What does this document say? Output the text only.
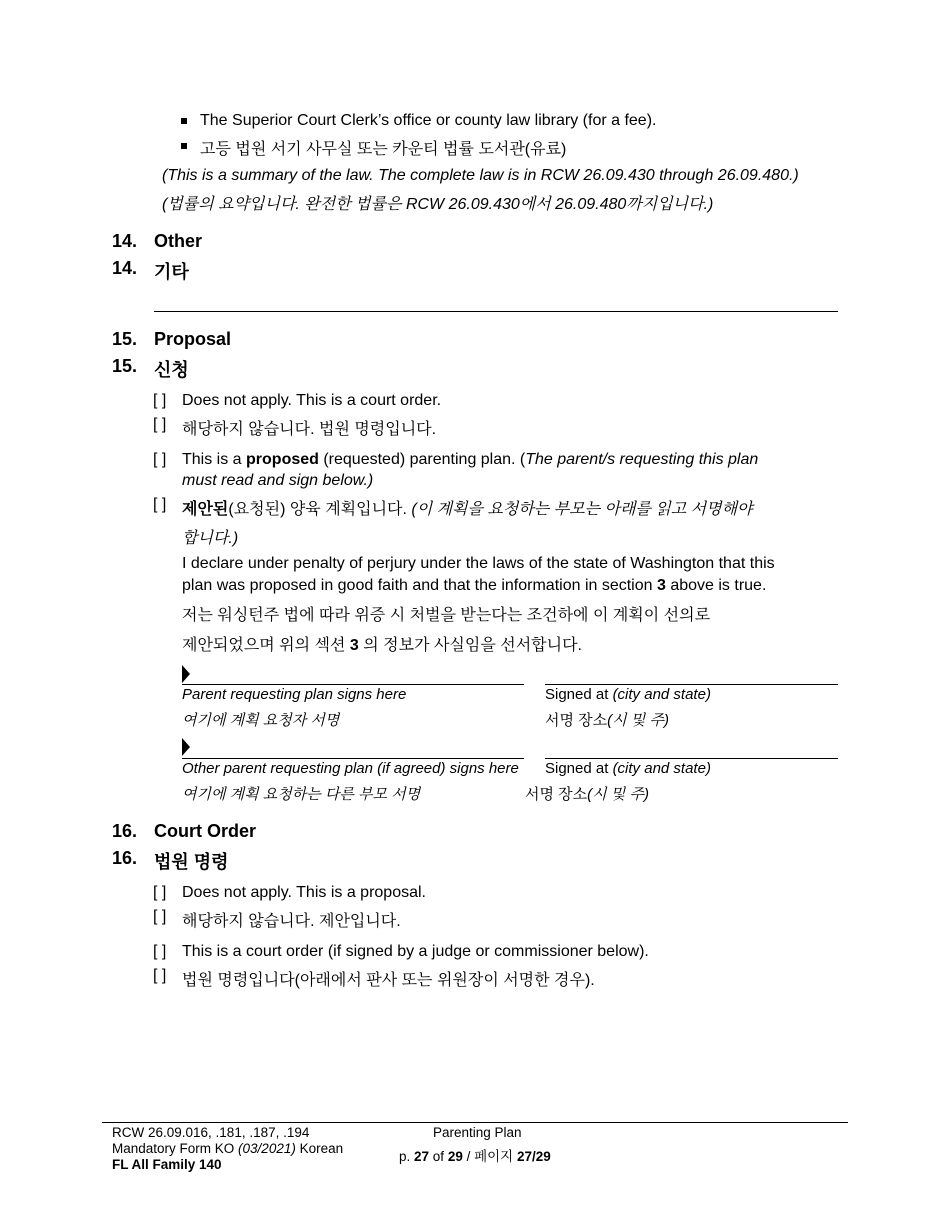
The Superior Court Clerk’s office or county law library (for a fee).
고등 법원 서기 사무실 또는 카운티 법률 도서관(유료)
(This is a summary of the law. The complete law is in RCW 26.09.430 through 26.09.480.)
(법률의 요약입니다. 완전한 법률은 RCW 26.09.430에서 26.09.480까지입니다.)
14. Other
14. 기타
15. Proposal
15. 신청
[ ] Does not apply. This is a court order.
[ ] 해당하지 않습니다. 법원 명령입니다.
[ ] This is a proposed (requested) parenting plan. (The parent/s requesting this plan
must read and sign below.)
[ ] 제안된(요청된) 양육 계획입니다. (이 계획을 요청하는 부모는 아래를 읽고 서명해야
합니다.)
I declare under penalty of perjury under the laws of the state of Washington that this
plan was proposed in good faith and that the information in section 3 above is true.
저는 워싱턴주 법에 따라 위증 시 처벌을 받는다는 조건하에 이 계획이 선의로
제안되었으며 위의 섹션 3 의 정보가 사실임을 선서합니다.
Parent requesting plan signs here	Signed at (city and state)
여기에 계획 요청자 서명	서명 장소(시 및 주)
Other parent requesting plan (if agreed) signs here Signed at (city and state)
여기에 계획 요청하는 다른 부모 서명	서명 장소(시 및 주)
16. Court Order
16. 법원 명령
[ ] Does not apply. This is a proposal.
[ ] 해당하지 않습니다. 제안입니다.
[ ] This is a court order (if signed by a judge or commissioner below).
[ ] 법원 명령입니다(아래에서 판사 또는 위원장이 서명한 경우).
RCW 26.09.016, .181, .187, .194
Mandatory Form KO (03/2021) Korean
FL All Family 140
Parenting Plan
p. 27 of 29 / 페이지 27/29
